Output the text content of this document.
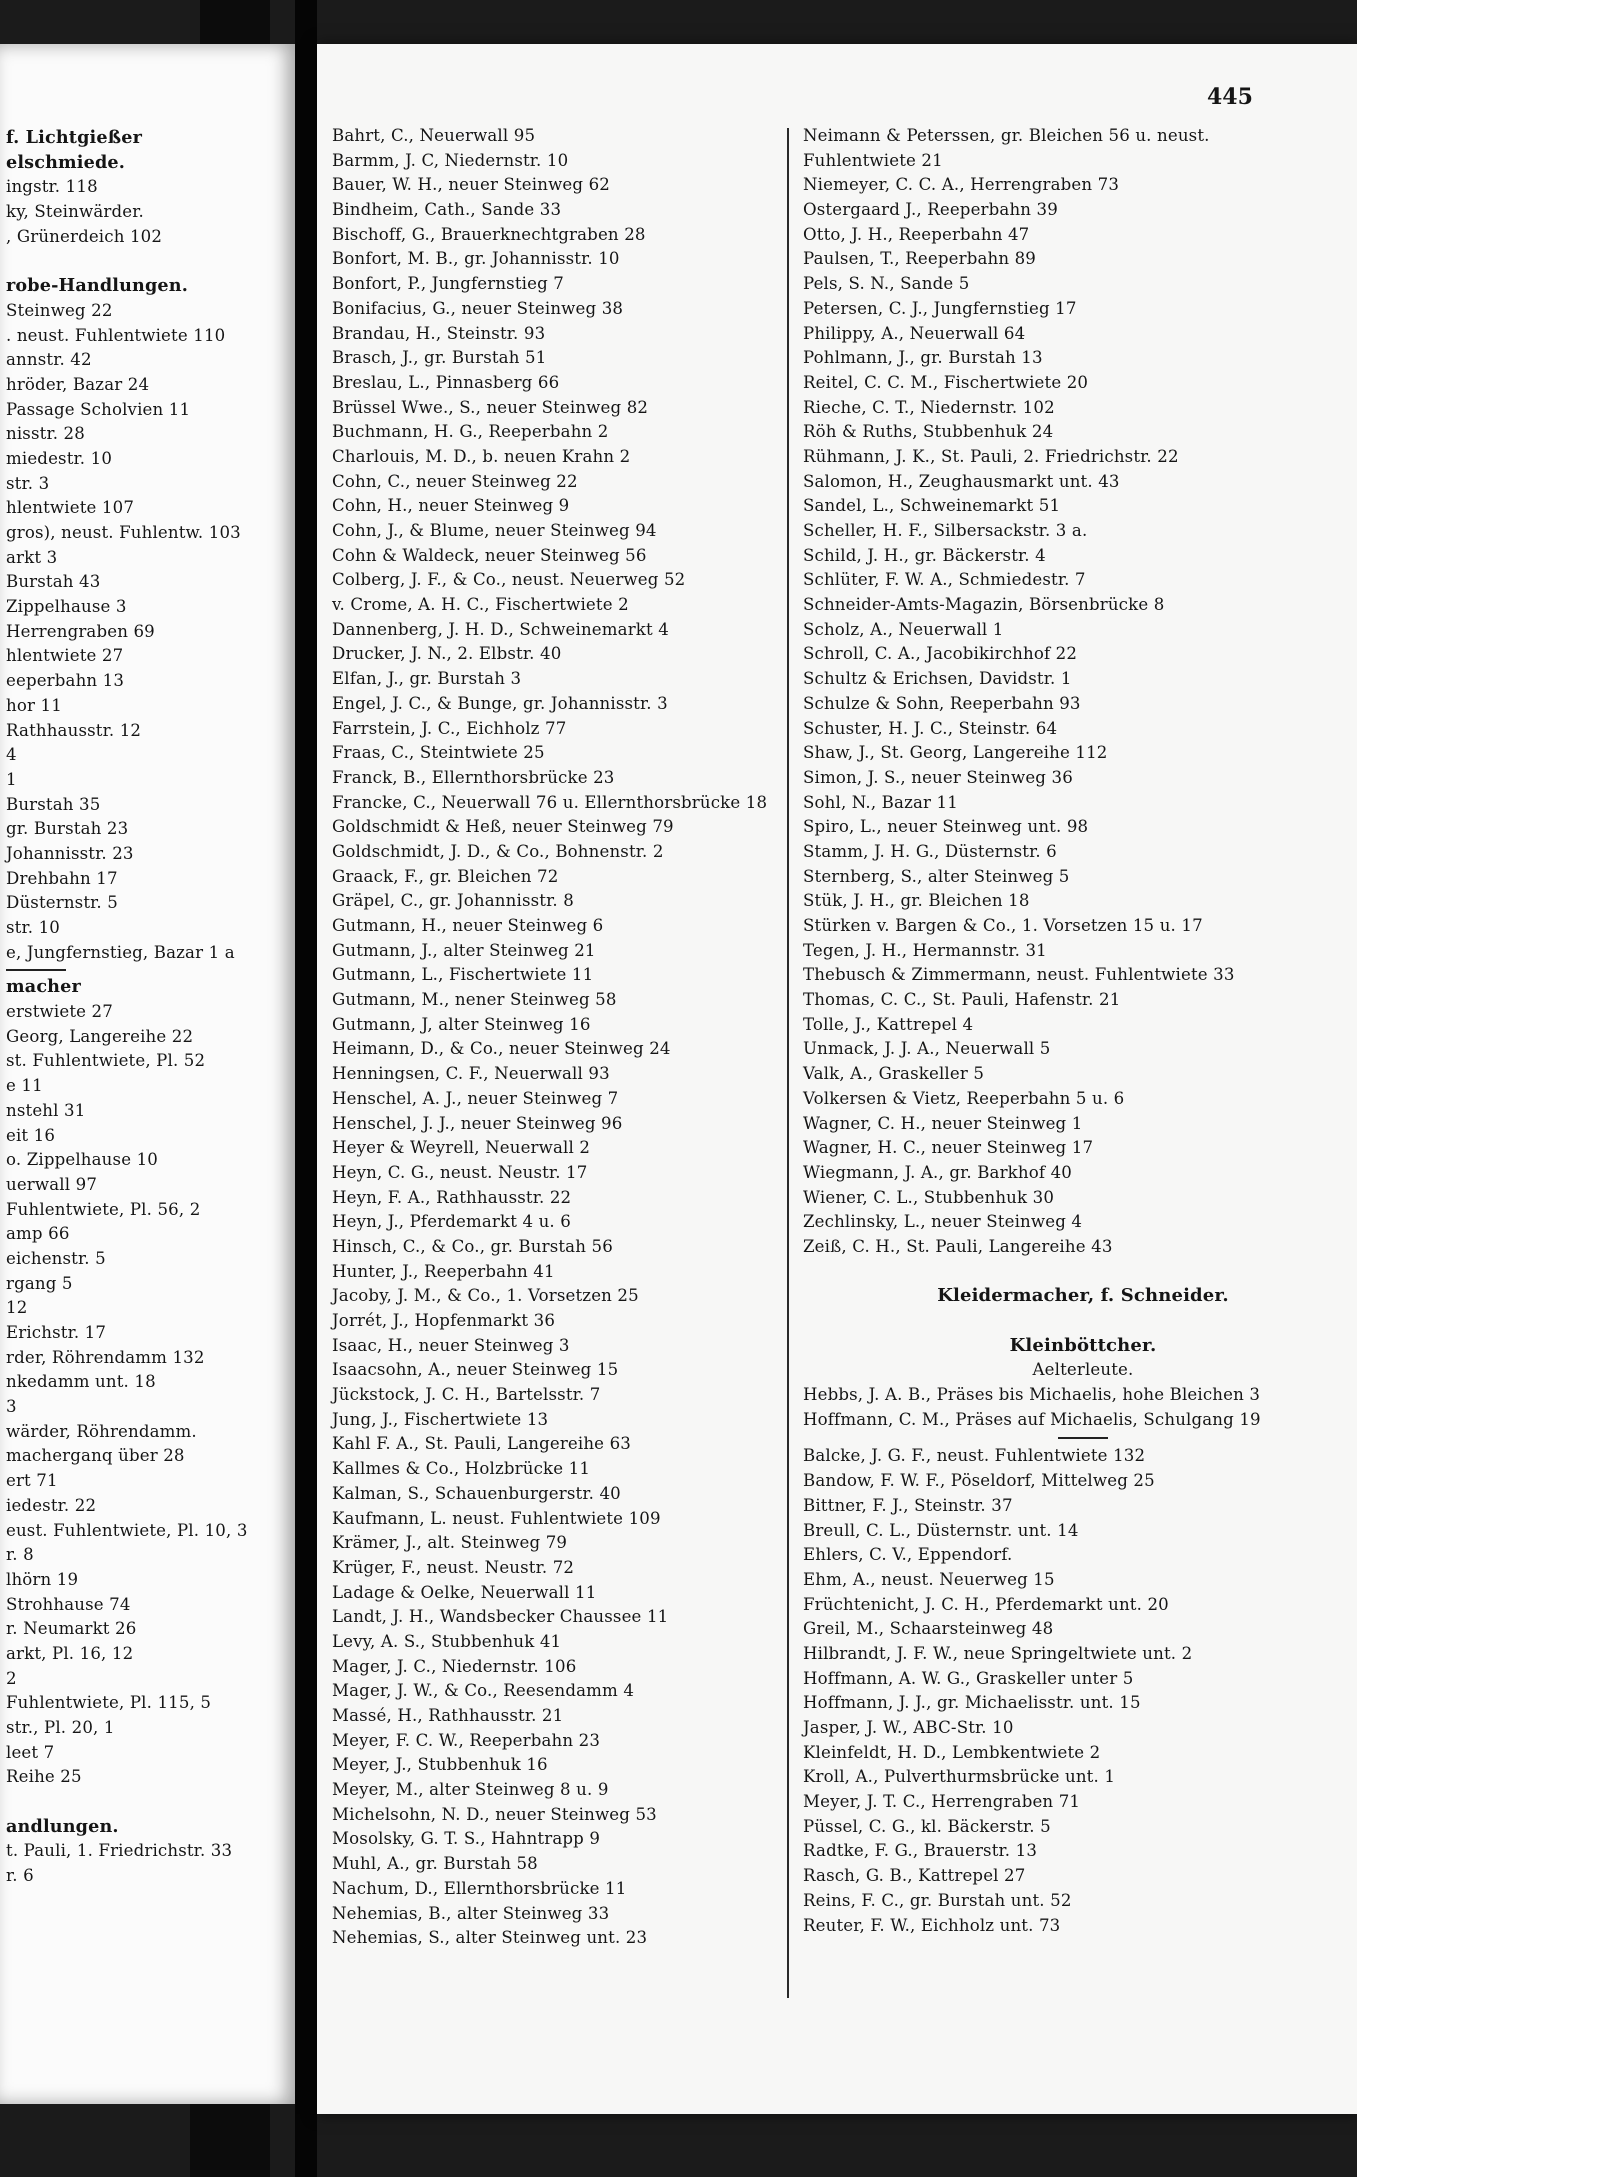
f. Lichtgießer
elschmiede.
ingstr. 118
ky, Steinwärder.
, Grünerdeich 102
robe-Handlungen.
Steinweg 22
. neust. Fuhlentwiete 110
annstr. 42
hröder, Bazar 24
Passage Scholvien 11
nisstr. 28
miedestr. 10
str. 3
hlentwiete 107
gros), neust. Fuhlentw. 103
arkt 3
Burstah 43
Zippelhause 3
Herrengraben 69
hlentwiete 27
eeperbahn 13
hor 11
Rathhausstr. 12
4
1
Burstah 35
gr. Burstah 23
Johannisstr. 23
Drehbahn 17
Düsternstr. 5
str. 10
e, Jungfernstieg, Bazar 1 a
macher
erstwiete 27
Georg, Langereihe 22
st. Fuhlentwiete, Pl. 52
e 11
nstehl 31
eit 16
o. Zippelhause 10
uerwall 97
Fuhlentwiete, Pl. 56, 2
amp 66
eichenstr. 5
rgang 5
12
Erichstr. 17
rder, Röhrendamm 132
nkedamm unt. 18
3
wärder, Röhrendamm.
macherganq über 28
ert 71
iedestr. 22
eust. Fuhlentwiete, Pl. 10, 3
r. 8
lhörn 19
Strohhause 74
r. Neumarkt 26
arkt, Pl. 16, 12
2
Fuhlentwiete, Pl. 115, 5
str., Pl. 20, 1
leet 7
Reihe 25
andlungen.
t. Pauli, 1. Friedrichstr. 33
r. 6
445
Bahrt, C., Neuerwall 95
Barmm, J. C, Niedernstr. 10
Bauer, W. H., neuer Steinweg 62
Bindheim, Cath., Sande 33
Bischoff, G., Brauerknechtgraben 28
Bonfort, M. B., gr. Johannisstr. 10
Bonfort, P., Jungfernstieg 7
Bonifacius, G., neuer Steinweg 38
Brandau, H., Steinstr. 93
Brasch, J., gr. Burstah 51
Breslau, L., Pinnasberg 66
Brüssel Wwe., S., neuer Steinweg 82
Buchmann, H. G., Reeperbahn 2
Charlouis, M. D., b. neuen Krahn 2
Cohn, C., neuer Steinweg 22
Cohn, H., neuer Steinweg 9
Cohn, J., & Blume, neuer Steinweg 94
Cohn & Waldeck, neuer Steinweg 56
Colberg, J. F., & Co., neust. Neuerweg 52
v. Crome, A. H. C., Fischertwiete 2
Dannenberg, J. H. D., Schweinemarkt 4
Drucker, J. N., 2. Elbstr. 40
Elfan, J., gr. Burstah 3
Engel, J. C., & Bunge, gr. Johannisstr. 3
Farrstein, J. C., Eichholz 77
Fraas, C., Steintwiete 25
Franck, B., Ellernthorsbrücke 23
Francke, C., Neuerwall 76 u. Ellernthorsbrücke 18
Goldschmidt & Heß, neuer Steinweg 79
Goldschmidt, J. D., & Co., Bohnenstr. 2
Graack, F., gr. Bleichen 72
Gräpel, C., gr. Johannisstr. 8
Gutmann, H., neuer Steinweg 6
Gutmann, J., alter Steinweg 21
Gutmann, L., Fischertwiete 11
Gutmann, M., nener Steinweg 58
Gutmann, J, alter Steinweg 16
Heimann, D., & Co., neuer Steinweg 24
Henningsen, C. F., Neuerwall 93
Henschel, A. J., neuer Steinweg 7
Henschel, J. J., neuer Steinweg 96
Heyer & Weyrell, Neuerwall 2
Heyn, C. G., neust. Neustr. 17
Heyn, F. A., Rathhausstr. 22
Heyn, J., Pferdemarkt 4 u. 6
Hinsch, C., & Co., gr. Burstah 56
Hunter, J., Reeperbahn 41
Jacoby, J. M., & Co., 1. Vorsetzen 25
Jorrét, J., Hopfenmarkt 36
Isaac, H., neuer Steinweg 3
Isaacsohn, A., neuer Steinweg 15
Jückstock, J. C. H., Bartelsstr. 7
Jung, J., Fischertwiete 13
Kahl F. A., St. Pauli, Langereihe 63
Kallmes & Co., Holzbrücke 11
Kalman, S., Schauenburgerstr. 40
Kaufmann, L. neust. Fuhlentwiete 109
Krämer, J., alt. Steinweg 79
Krüger, F., neust. Neustr. 72
Ladage & Oelke, Neuerwall 11
Landt, J. H., Wandsbecker Chaussee 11
Levy, A. S., Stubbenhuk 41
Mager, J. C., Niedernstr. 106
Mager, J. W., & Co., Reesendamm 4
Massé, H., Rathhausstr. 21
Meyer, F. C. W., Reeperbahn 23
Meyer, J., Stubbenhuk 16
Meyer, M., alter Steinweg 8 u. 9
Michelsohn, N. D., neuer Steinweg 53
Mosolsky, G. T. S., Hahntrapp 9
Muhl, A., gr. Burstah 58
Nachum, D., Ellernthorsbrücke 11
Nehemias, B., alter Steinweg 33
Nehemias, S., alter Steinweg unt. 23
Neimann & Peterssen, gr. Bleichen 56 u. neust.
Fuhlentwiete 21
Niemeyer, C. C. A., Herrengraben 73
Ostergaard J., Reeperbahn 39
Otto, J. H., Reeperbahn 47
Paulsen, T., Reeperbahn 89
Pels, S. N., Sande 5
Petersen, C. J., Jungfernstieg 17
Philippy, A., Neuerwall 64
Pohlmann, J., gr. Burstah 13
Reitel, C. C. M., Fischertwiete 20
Rieche, C. T., Niedernstr. 102
Röh & Ruths, Stubbenhuk 24
Rühmann, J. K., St. Pauli, 2. Friedrichstr. 22
Salomon, H., Zeughausmarkt unt. 43
Sandel, L., Schweinemarkt 51
Scheller, H. F., Silbersackstr. 3 a.
Schild, J. H., gr. Bäckerstr. 4
Schlüter, F. W. A., Schmiedestr. 7
Schneider-Amts-Magazin, Börsenbrücke 8
Scholz, A., Neuerwall 1
Schroll, C. A., Jacobikirchhof 22
Schultz & Erichsen, Davidstr. 1
Schulze & Sohn, Reeperbahn 93
Schuster, H. J. C., Steinstr. 64
Shaw, J., St. Georg, Langereihe 112
Simon, J. S., neuer Steinweg 36
Sohl, N., Bazar 11
Spiro, L., neuer Steinweg unt. 98
Stamm, J. H. G., Düsternstr. 6
Sternberg, S., alter Steinweg 5
Stük, J. H., gr. Bleichen 18
Stürken v. Bargen & Co., 1. Vorsetzen 15 u. 17
Tegen, J. H., Hermannstr. 31
Thebusch & Zimmermann, neust. Fuhlentwiete 33
Thomas, C. C., St. Pauli, Hafenstr. 21
Tolle, J., Kattrepel 4
Unmack, J. J. A., Neuerwall 5
Valk, A., Graskeller 5
Volkersen & Vietz, Reeperbahn 5 u. 6
Wagner, C. H., neuer Steinweg 1
Wagner, H. C., neuer Steinweg 17
Wiegmann, J. A., gr. Barkhof 40
Wiener, C. L., Stubbenhuk 30
Zechlinsky, L., neuer Steinweg 4
Zeiß, C. H., St. Pauli, Langereihe 43
Kleidermacher, f. Schneider.
Kleinböttcher.
Aelterleute.
Hebbs, J. A. B., Präses bis Michaelis, hohe Bleichen 3
Hoffmann, C. M., Präses auf Michaelis, Schulgang 19
Balcke, J. G. F., neust. Fuhlentwiete 132
Bandow, F. W. F., Pöseldorf, Mittelweg 25
Bittner, F. J., Steinstr. 37
Breull, C. L., Düsternstr. unt. 14
Ehlers, C. V., Eppendorf.
Ehm, A., neust. Neuerweg 15
Früchtenicht, J. C. H., Pferdemarkt unt. 20
Greil, M., Schaarsteinweg 48
Hilbrandt, J. F. W., neue Springeltwiete unt. 2
Hoffmann, A. W. G., Graskeller unter 5
Hoffmann, J. J., gr. Michaelisstr. unt. 15
Jasper, J. W., ABC-Str. 10
Kleinfeldt, H. D., Lembkentwiete 2
Kroll, A., Pulverthurmsbrücke unt. 1
Meyer, J. T. C., Herrengraben 71
Püssel, C. G., kl. Bäckerstr. 5
Radtke, F. G., Brauerstr. 13
Rasch, G. B., Kattrepel 27
Reins, F. C., gr. Burstah unt. 52
Reuter, F. W., Eichholz unt. 73
